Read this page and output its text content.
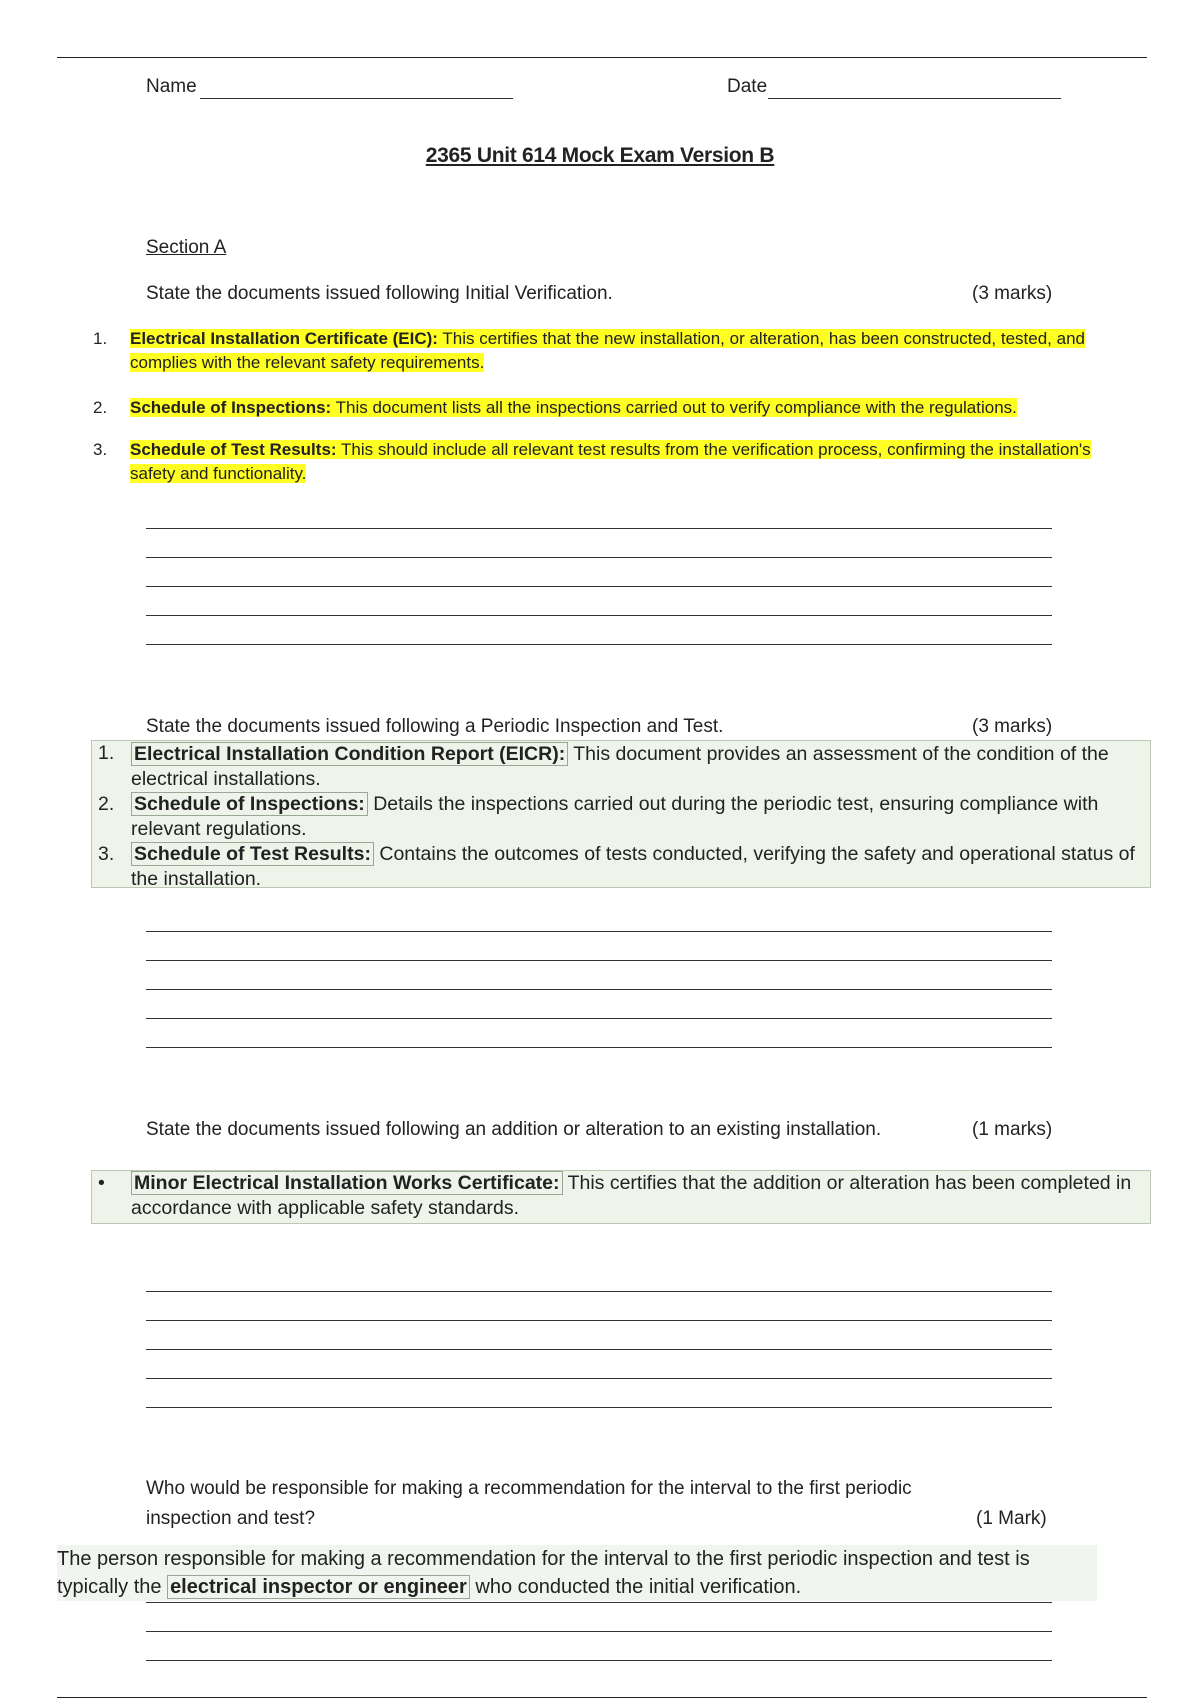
Name	Date
2365 Unit 614 Mock Exam Version B
Section A
State the documents issued following Initial Verification.	(3 marks)
1.	Electrical Installation Certificate (EIC): This certifies that the new installation, or alteration, has been constructed, tested, and complies with the relevant safety requirements.
2.	Schedule of Inspections: This document lists all the inspections carried out to verify compliance with the regulations.
3.	Schedule of Test Results: This should include all relevant test results from the verification process, confirming the installation's safety and functionality.
State the documents issued following a Periodic Inspection and Test.	(3 marks)
1. Electrical Installation Condition Report (EICR): This document provides an assessment of the condition of the electrical installations.
2. Schedule of Inspections: Details the inspections carried out during the periodic test, ensuring compliance with relevant regulations.
3. Schedule of Test Results: Contains the outcomes of tests conducted, verifying the safety and operational status of the installation.
State the documents issued following an addition or alteration to an existing installation.	(1 marks)
• Minor Electrical Installation Works Certificate: This certifies that the addition or alteration has been completed in accordance with applicable safety standards.
Who would be responsible for making a recommendation for the interval to the first periodic
inspection and test?	(1 Mark)
The person responsible for making a recommendation for the interval to the first periodic inspection and test is typically the electrical inspector or engineer who conducted the initial verification.
